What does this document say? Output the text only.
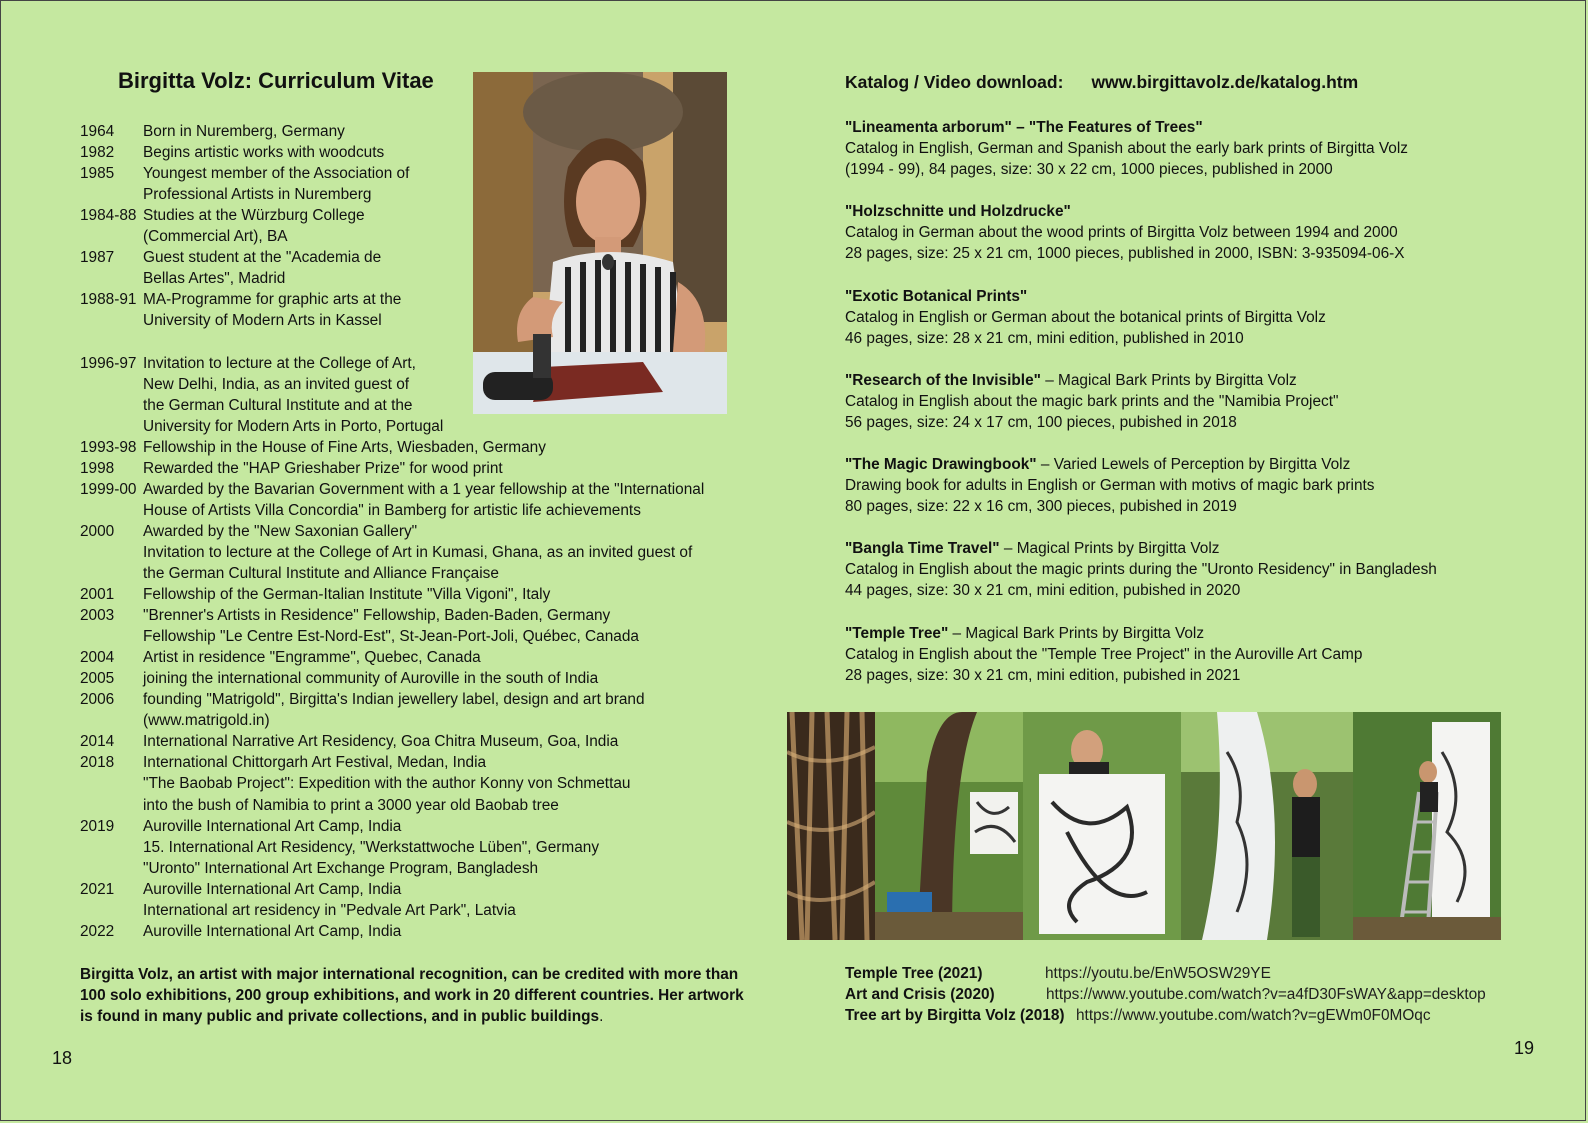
Birgitta Volz: Curriculum Vitae
1964	Born in Nuremberg, Germany
1982	Begins artistic works with woodcuts
1985	Youngest member of the Association of
Professional Artists in Nuremberg
1984-88 Studies at the Würzburg College
(Commercial Art), BA
1987	Guest student at the "Academia de
Bellas Artes", Madrid
1988-91 MA-Programme for graphic arts at the
University of Modern Arts in Kassel

1996-97 Invitation to lecture at the College of Art,
New Delhi, India, as an invited guest of
the German Cultural Institute and at the
University for Modern Arts in Porto, Portugal
1993-98 Fellowship in the House of Fine Arts, Wiesbaden, Germany
1998	Rewarded the "HAP Grieshaber Prize" for wood print
1999-00 Awarded by the Bavarian Government with a 1 year fellowship at the "International
House of Artists Villa Concordia" in Bamberg for artistic life achievements
2000	Awarded by the "New Saxonian Gallery"
Invitation to lecture at the College of Art in Kumasi, Ghana, as an invited guest of
the German Cultural Institute and Alliance Française
2001	Fellowship of the German-Italian Institute "Villa Vigoni", Italy
2003	"Brenner's Artists in Residence" Fellowship, Baden-Baden, Germany
Fellowship "Le Centre Est-Nord-Est", St-Jean-Port-Joli, Québec, Canada
2004	Artist in residence "Engramme", Quebec, Canada
2005	joining the international community of Auroville in the south of India
2006	founding "Matrigold", Birgitta's Indian jewellery label, design and art brand
(www.matrigold.in)
2014	International Narrative Art Residency, Goa Chitra Museum, Goa, India
2018	International Chittorgarh Art Festival, Medan, India
"The Baobab Project": Expedition with the author Konny von Schmettau
into the bush of Namibia to print a 3000 year old Baobab tree
2019	Auroville International Art Camp, India
15. International Art Residency, "Werkstattwoche Lüben", Germany
"Uronto" International Art Exchange Program, Bangladesh
2021	Auroville International Art Camp, India
International art residency in "Pedvale Art Park", Latvia
2022	Auroville International Art Camp, India
Birgitta Volz, an artist with major international recognition, can be credited with more than 100 solo exhibitions, 200 group exhibitions, and work in 20 different countries. Her artwork is found in many public and private collections, and in public buildings.
18
Katalog / Video download: www.birgittavolz.de/katalog.htm
"Lineamenta arborum" – "The Features of Trees"
Catalog in English, German and Spanish about the early bark prints of Birgitta Volz
(1994 - 99), 84 pages, size: 30 x 22 cm, 1000 pieces, published in 2000
"Holzschnitte und Holzdrucke"
Catalog in German about the wood prints of Birgitta Volz between 1994 and 2000
28 pages, size: 25 x 21 cm, 1000 pieces, published in 2000, ISBN: 3-935094-06-X
"Exotic Botanical Prints"
Catalog in English or German about the botanical prints of Birgitta Volz
46 pages, size: 28 x 21 cm, mini edition, published in 2010
"Research of the Invisible" – Magical Bark Prints by Birgitta Volz
Catalog in English about the magic bark prints and the "Namibia Project"
56 pages, size: 24 x 17 cm, 100 pieces, pubished in 2018
"The Magic Drawingbook" – Varied Lewels of Perception by Birgitta Volz
Drawing book for adults in English or German with motivs of magic bark prints
80 pages, size: 22 x 16 cm, 300 pieces, pubished in 2019
"Bangla Time Travel" – Magical Prints by Birgitta Volz
Catalog in English about the magic prints during the "Uronto Residency" in Bangladesh
44 pages, size: 30 x 21 cm, mini edition, pubished in 2020
"Temple Tree" – Magical Bark Prints by Birgitta Volz
Catalog in English about the "Temple Tree Project" in the Auroville Art Camp
28 pages, size: 30 x 21 cm, mini edition, pubished in 2021
Temple Tree (2021)	https://youtu.be/EnW5OSW29YE
Art and Crisis (2020)	https://www.youtube.com/watch?v=a4fD30FsWAY&app=desktop
Tree art by Birgitta Volz (2018) https://www.youtube.com/watch?v=gEWm0F0MOqc
19
